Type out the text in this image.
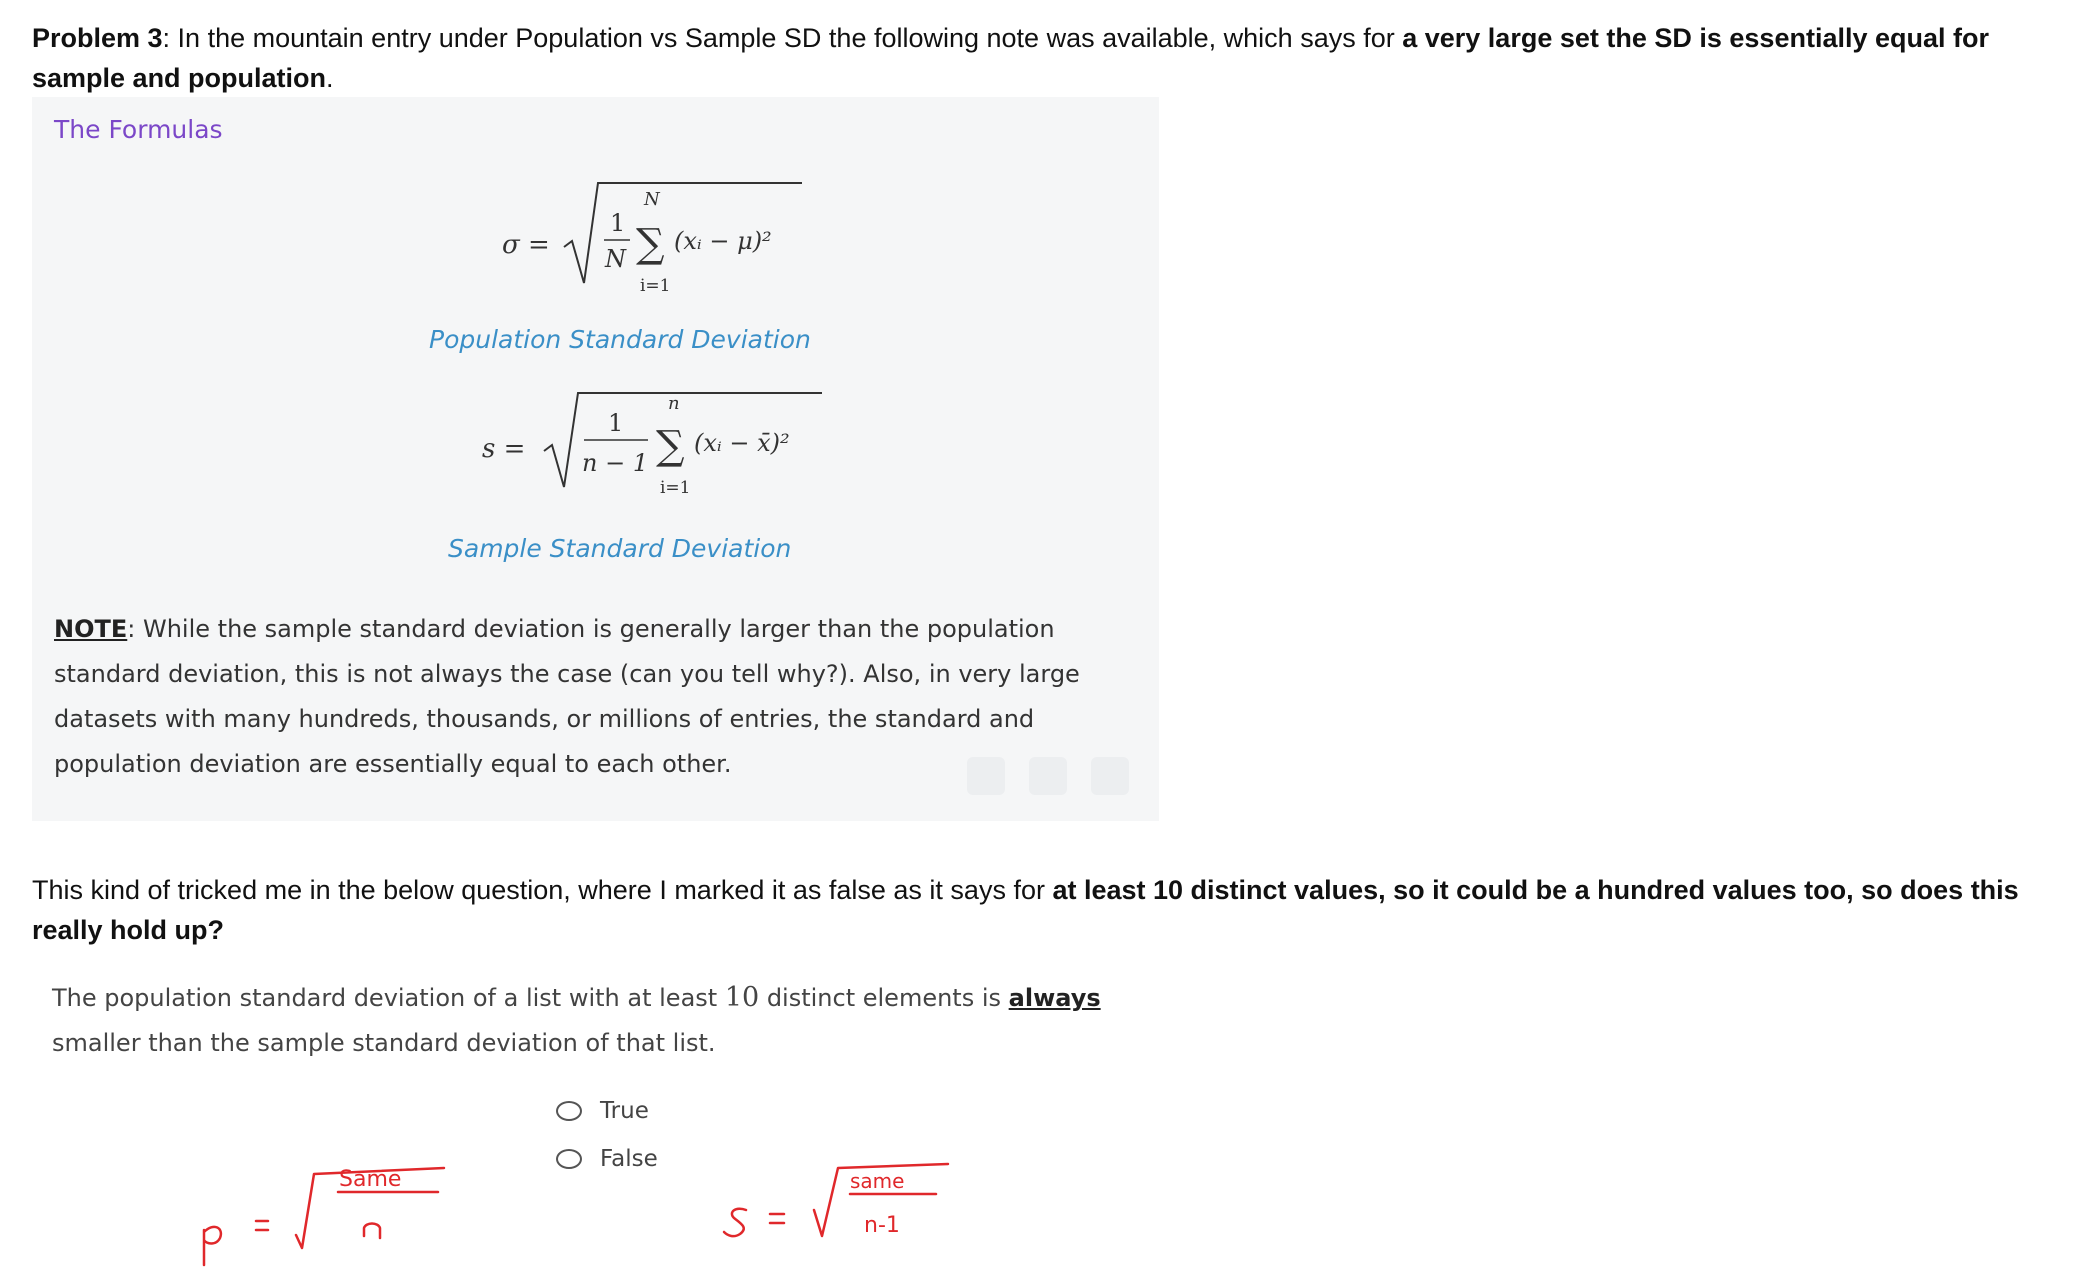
Problem 3: In the mountain entry under Population vs Sample SD the following note was available, which says for a very large set the SD is essentially equal for sample and population.

The Formulas
σ =
1
N
N
∑
i=1
(xᵢ − μ)²
Population Standard Deviation
s =
1
n − 1
n
∑
i=1
(xᵢ − x̄)²
Sample Standard Deviation
NOTE: While the sample standard deviation is generally larger than the population standard deviation, this is not always the case (can you tell why?). Also, in very large datasets with many hundreds, thousands, or millions of entries, the standard and population deviation are essentially equal to each other.

This kind of tricked me in the below question, where I marked it as false as it says for at least 10 distinct values, so it could be a hundred values too, so does this really hold up?

The population standard deviation of a list with at least 10 distinct elements is always smaller than the sample standard deviation of that list.
True
False
Same	same
n-1
